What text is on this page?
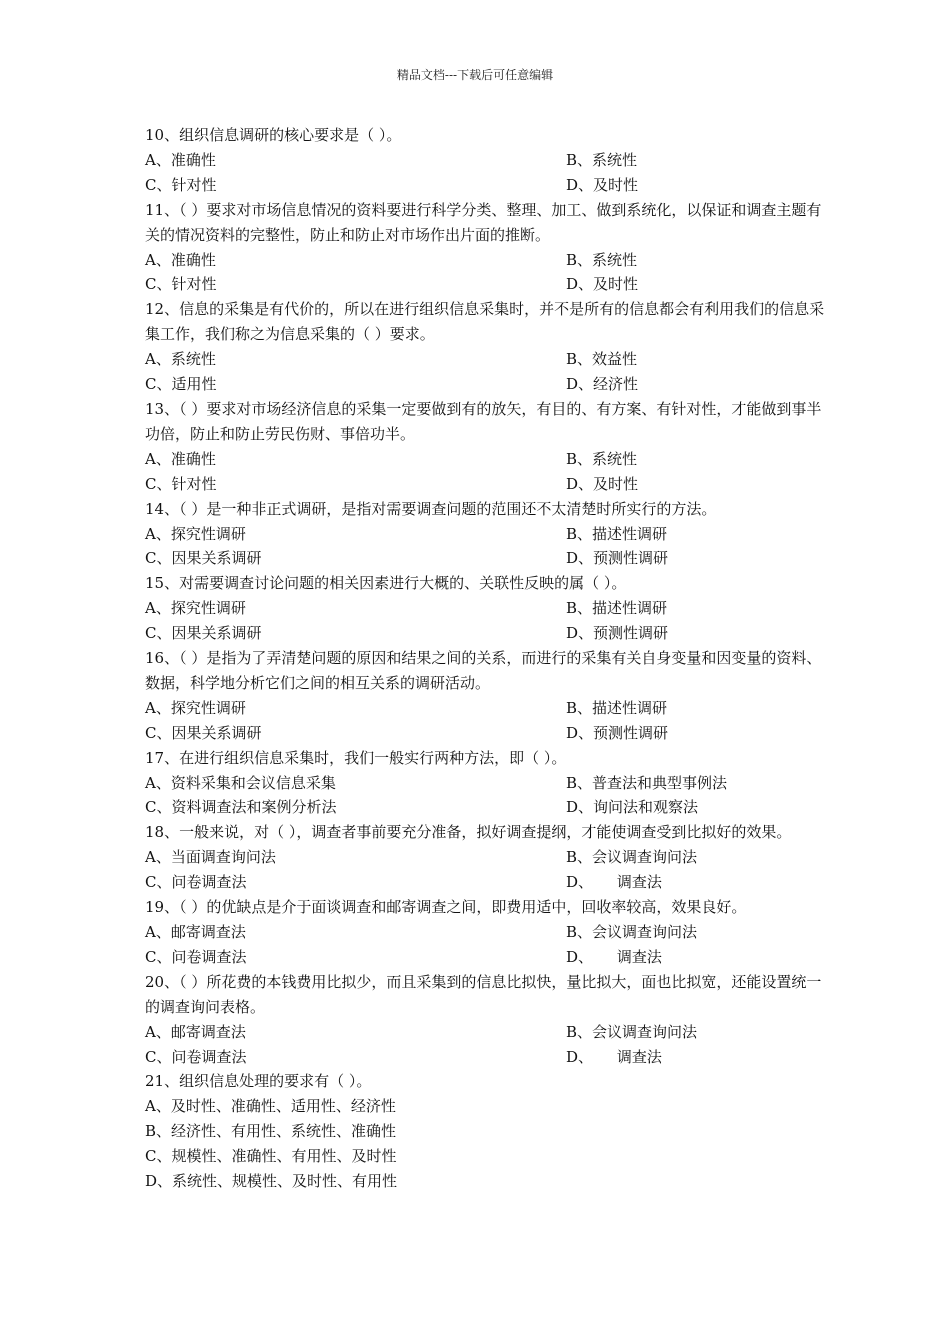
精品文档---下载后可任意编辑

10、组织信息调研的核心要求是（ ）。

A、准确性	B、系统性
C、针对性	D、及时性

11、（ ）要求对市场信息情况的资料要进行科学分类、整理、加工、做到系统化，以保证和调查主题有关的情况资料的完整性，防止和防止对市场作出片面的推断。

A、准确性	B、系统性
C、针对性	D、及时性

12、信息的采集是有代价的，所以在进行组织信息采集时，并不是所有的信息都会有利用我们的信息采集工作，我们称之为信息采集的（ ）要求。

A、系统性	B、效益性
C、适用性	D、经济性

13、（ ）要求对市场经济信息的采集一定要做到有的放矢，有目的、有方案、有针对性，才能做到事半功倍，防止和防止劳民伤财、事倍功半。

A、准确性	B、系统性
C、针对性	D、及时性

14、（ ）是一种非正式调研，是指对需要调查问题的范围还不太清楚时所实行的方法。

A、探究性调研	B、描述性调研
C、因果关系调研	D、预测性调研

15、对需要调查讨论问题的相关因素进行大概的、关联性反映的属（ ）。

A、探究性调研	B、描述性调研
C、因果关系调研	D、预测性调研

16、（ ）是指为了弄清楚问题的原因和结果之间的关系，而进行的采集有关自身变量和因变量的资料、数据，科学地分析它们之间的相互关系的调研活动。

A、探究性调研	B、描述性调研
C、因果关系调研	D、预测性调研

17、在进行组织信息采集时，我们一般实行两种方法，即（ ）。

A、资料采集和会议信息采集	B、普查法和典型事例法
C、资料调查法和案例分析法	D、询问法和观察法

18、一般来说，对（ ），调查者事前要充分准备，拟好调查提纲，才能使调查受到比拟好的效果。

A、当面调查询问法	B、会议调查询问法
C、问卷调查法	D、     调查法

19、（ ）的优缺点是介于面谈调查和邮寄调查之间，即费用适中，回收率较高，效果良好。

A、邮寄调查法	B、会议调查询问法
C、问卷调查法	D、     调查法

20、（ ）所花费的本钱费用比拟少，而且采集到的信息比拟快，量比拟大，面也比拟宽，还能设置统一的调查询问表格。

A、邮寄调查法	B、会议调查询问法
C、问卷调查法	D、     调查法

21、组织信息处理的要求有（ ）。

A、及时性、准确性、适用性、经济性
B、经济性、有用性、系统性、准确性
C、规模性、准确性、有用性、及时性
D、系统性、规模性、及时性、有用性
